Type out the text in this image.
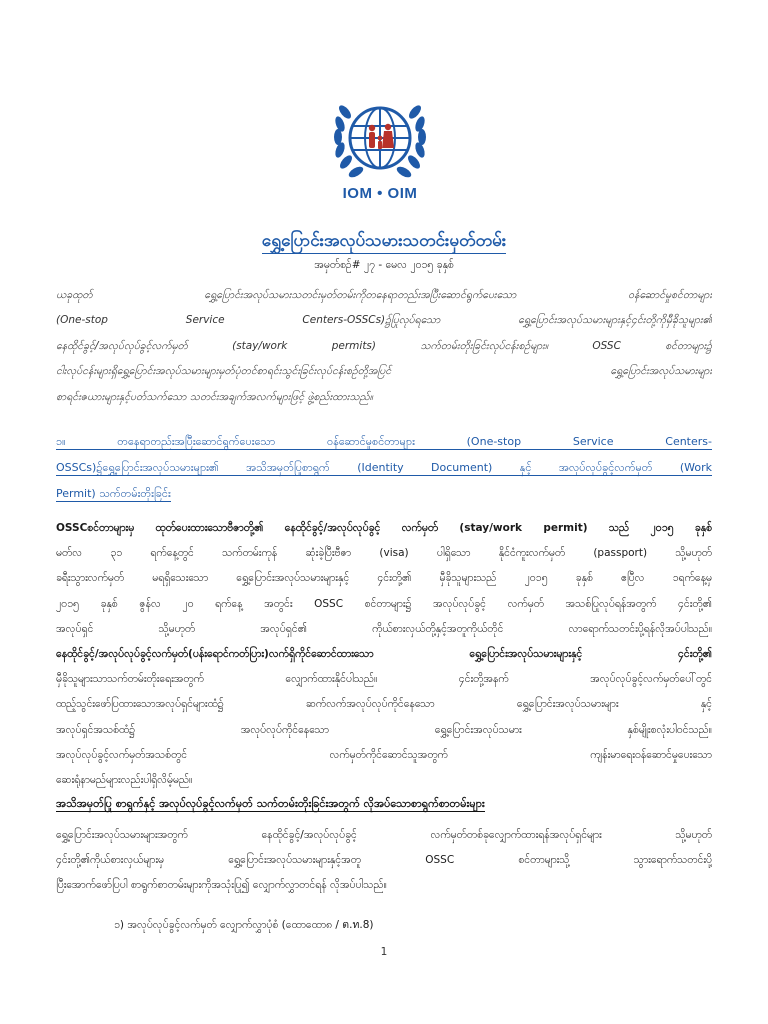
IOM • OIM
ရွှေ့ပြောင်းအလုပ်သမားသတင်းမှတ်တမ်း
အမှတ်စဉ်# ၂၇ - မေလ ၂၀၁၅ ခုနှစ်
ယခုထုတ် ရွှေ့ပြောင်းအလုပ်သမားသတင်းမှတ်တမ်းကိုတနေရာတည်းအပြီးဆောင်ရွက်ပေးသော ဝန်ဆောင်မှုစင်တာများ
(One-stop Service Centers-OSSCs)၌ပြုလုပ်ရသော ရွှေ့ပြောင်းအလုပ်သမားများနှင့်၄င်းတို့ကိုမှီခိုသူများ၏
နေထိုင်ခွင့်/အလုပ်လုပ်ခွင့်လက်မှတ် (stay/work permits) သက်တမ်းတိုးခြင်းလုပ်ငန်းစဉ်များ။ OSSC စင်တာများ၌
ငါးလုပ်ငန်းများရှိရွှေ့ပြောင်းအလုပ်သမားများမှတ်ပုံတင်စာရင်းသွင်းခြင်းလုပ်ငန်းစဉ်တို့အပြင် ရွှေ့ပြောင်းအလုပ်သမားများ
စာရင်းဇယားများနှင့်ပတ်သက်သော သတင်းအချက်အလက်များဖြင့် ဖွဲ့စည်းထားသည်။
၁။ တနေရာတည်းအပြီးဆောင်ရွက်ပေးသော ဝန်ဆောင်မှုစင်တာများ (One-stop Service Centers-
OSSCs)၌ရွှေ့ပြောင်းအလုပ်သမားများ၏ အသိအမှတ်ပြုစာရွက် (Identity Document) နှင့် အလုပ်လုပ်ခွင့်လက်မှတ် (Work
Permit) သက်တမ်းတိုးခြင်း
OSSCစင်တာများမှ ထုတ်ပေးထားသောဗီဇာတို့၏ နေထိုင်ခွင့်/အလုပ်လုပ်ခွင့် လက်မှတ် (stay/work permit) သည် ၂၀၁၅ ခုနှစ်
မတ်လ ၃၁ ရက်နေ့တွင် သက်တမ်းကုန် ဆုံးခဲ့ပြီးဗီဇာ (visa) ပါရှိသော နိုင်ငံကူးလက်မှတ် (passport) သို့မဟုတ်
ခရီးသွားလက်မှတ် မရရှိသေးသော ရွှေ့ပြောင်းအလုပ်သမားများနှင့် ၄င်းတို့၏ မှီခိုသူများသည် ၂၀၁၅ ခုနှစ် ဧပြီလ ၁ရက်နေ့မှ
၂၀၁၅ ခုနှစ် ဇွန်လ ၂၀ ရက်နေ့ အတွင်း OSSC စင်တာများ၌ အလုပ်လုပ်ခွင့် လက်မှတ် အသစ်ပြုလုပ်ရန်အတွက် ၄င်းတို့၏
အလုပ်ရှင် သို့မဟုတ် အလုပ်ရှင်၏ ကိုယ်စားလှယ်တို့နှင့်အတူကိုယ်တိုင် လာရောက်သတင်းပို့ရန်လိုအပ်ပါသည်။
နေထိုင်ခွင့်/အလုပ်လုပ်ခွင့်လက်မှတ်(ပန်းရောင်ကတ်ပြား)လက်ရှိကိုင်ဆောင်ထားသော ရွှေ့ပြောင်းအလုပ်သမားများနှင့် ၄င်းတို့၏
မှီခိုသူများသာသက်တမ်းတိုးရေးအတွက် လျှောက်ထားနိုင်ပါသည်။ ၄င်းတို့အနက် အလုပ်လုပ်ခွင့်လက်မှတ်ပေါ်တွင်
ထည့်သွင်းဖော်ပြထားသောအလုပ်ရှင်များထံ၌ ဆက်လက်အလုပ်လုပ်ကိုင်နေသော ရွှေ့ပြောင်းအလုပ်သမားများ နှင့်
အလုပ်ရှင်အသစ်ထံ၌ အလုပ်လုပ်ကိုင်နေသော ရွှေ့ပြောင်းအလုပ်သမား နှစ်မျိုးစလုံးပါဝင်သည်။
အလုပ်လုပ်ခွင့်လက်မှတ်အသစ်တွင် လက်မှတ်ကိုင်ဆောင်သူအတွက် ကျန်းမာရေးဝန်ဆောင်မှုပေးသော
ဆေးရုံနာမည်များလည်းပါရှိလိမ့်မည်။
အသိအမှတ်ပြု စာရွက်နှင့် အလုပ်လုပ်ခွင့်လက်မှတ် သက်တမ်းတိုးခြင်းအတွက် လိုအပ်သောစာရွက်စာတမ်းများ
ရွှေ့ပြောင်းအလုပ်သမားများအတွက် နေထိုင်ခွင့်/အလုပ်လုပ်ခွင့် လက်မှတ်တစ်ခုလျှောက်ထားရန်အလုပ်ရှင်များ သို့မဟုတ်
၄င်းတို့၏ကိုယ်စားလှယ်များမှ ရွှေ့ပြောင်းအလုပ်သမားများနှင့်အတူ OSSC စင်တာများသို့ သွားရောက်သတင်းပို့
ပြီးအောက်ဖော်ပြပါ စာရွက်စာတမ်းများကိုအသုံးပြု၍ လျှောက်လွှာတင်ရန် လိုအပ်ပါသည်။
၁) အလုပ်လုပ်ခွင့်လက်မှတ် လျှောက်လွှာပုံစံ (ထောထော၈ / ต.ท.8)
1
